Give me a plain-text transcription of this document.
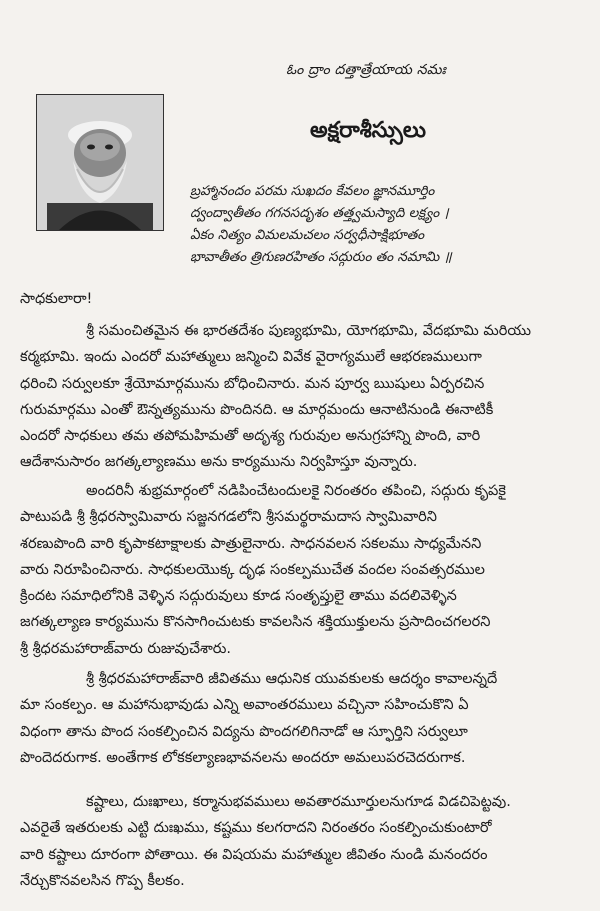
ఓం ద్రాం దత్తాత్రేయాయ నమః
అక్షరాశీస్సులు
బ్రహ్మానందం పరమ సుఖదం కేవలం జ్ఞానమూర్తిం
ద్వంద్వాతీతం గగనసదృశం తత్త్వమస్యాది లక్ష్యం ।
ఏకం నిత్యం విమలమచలం సర్వధీసాక్షిభూతం
భావాతీతం త్రిగుణరహితం సద్గురుం తం నమామి ॥
సాధకులారా!
శ్రీ సమంచితమైన ఈ భారతదేశం పుణ్యభూమి, యోగభూమి, వేదభూమి మరియు
కర్మభూమి. ఇందు ఎందరో మహాత్ములు జన్మించి వివేక వైరాగ్యములే ఆభరణములుగా
ధరించి సర్వులకూ శ్రేయోమార్గమును బోధించినారు. మన పూర్వ ఋషులు ఏర్పరచిన
గురుమార్గము ఎంతో ఔన్నత్యమును పొందినది. ఆ మార్గమందు ఆనాటినుండి ఈనాటికీ
ఎందరో సాధకులు తమ తపోమహిమతో అదృశ్య గురువుల అనుగ్రహాన్ని పొంది, వారి
ఆదేశానుసారం జగత్కల్యాణము అను కార్యమును నిర్వహిస్తూ వున్నారు.
అందరినీ శుభ్రమార్గంలో నడిపించేటందులకై నిరంతరం తపించి, సద్గురు కృపకై
పాటుపడి శ్రీ శ్రీధరస్వామివారు సజ్జనగడలోని శ్రీసమర్థరామదాస స్వామివారిని
శరణుపొంది వారి కృపాకటాక్షాలకు పాత్రులైనారు. సాధనవలన సకలము సాధ్యమేనని
వారు నిరూపించినారు. సాధకులయొక్క దృఢ సంకల్పముచేత వందల సంవత్సరముల
క్రిందట సమాధిలోనికి వెళ్ళిన సద్గురువులు కూడ సంతృప్తులై తాము వదలివెళ్ళిన
జగత్కల్యాణ కార్యమును కొనసాగించుటకు కావలసిన శక్తియుక్తులను ప్రసాదించగలరని
శ్రీ శ్రీధరమహారాజ్‌వారు రుజువుచేశారు.
శ్రీ శ్రీధరమహారాజ్‌వారి జీవితము ఆధునిక యువకులకు ఆదర్శం కావాలన్నదే
మా సంకల్పం. ఆ మహానుభావుడు ఎన్ని అవాంతరములు వచ్చినా సహించుకొని ఏ
విధంగా తాను పొంద సంకల్పించిన విద్యను పొందగలిగినాడో ఆ స్ఫూర్తిని సర్వులూ
పొందెదరుగాక. అంతేగాక లోకకల్యాణభావనలను అందరూ అమలుపరచెదరుగాక.
కష్టాలు, దుఃఖాలు, కర్మానుభవములు అవతారమూర్తులనుగూడ విడచిపెట్టవు.
ఎవరైతే ఇతరులకు ఎట్టి దుఃఖము, కష్టము కలగరాదని నిరంతరం సంకల్పించుకుంటారో
వారి కష్టాలు దూరంగా పోతాయి. ఈ విషయమ మహాత్ముల జీవితం నుండి మనందరం
నేర్చుకొనవలసిన గొప్ప కీలకం.
